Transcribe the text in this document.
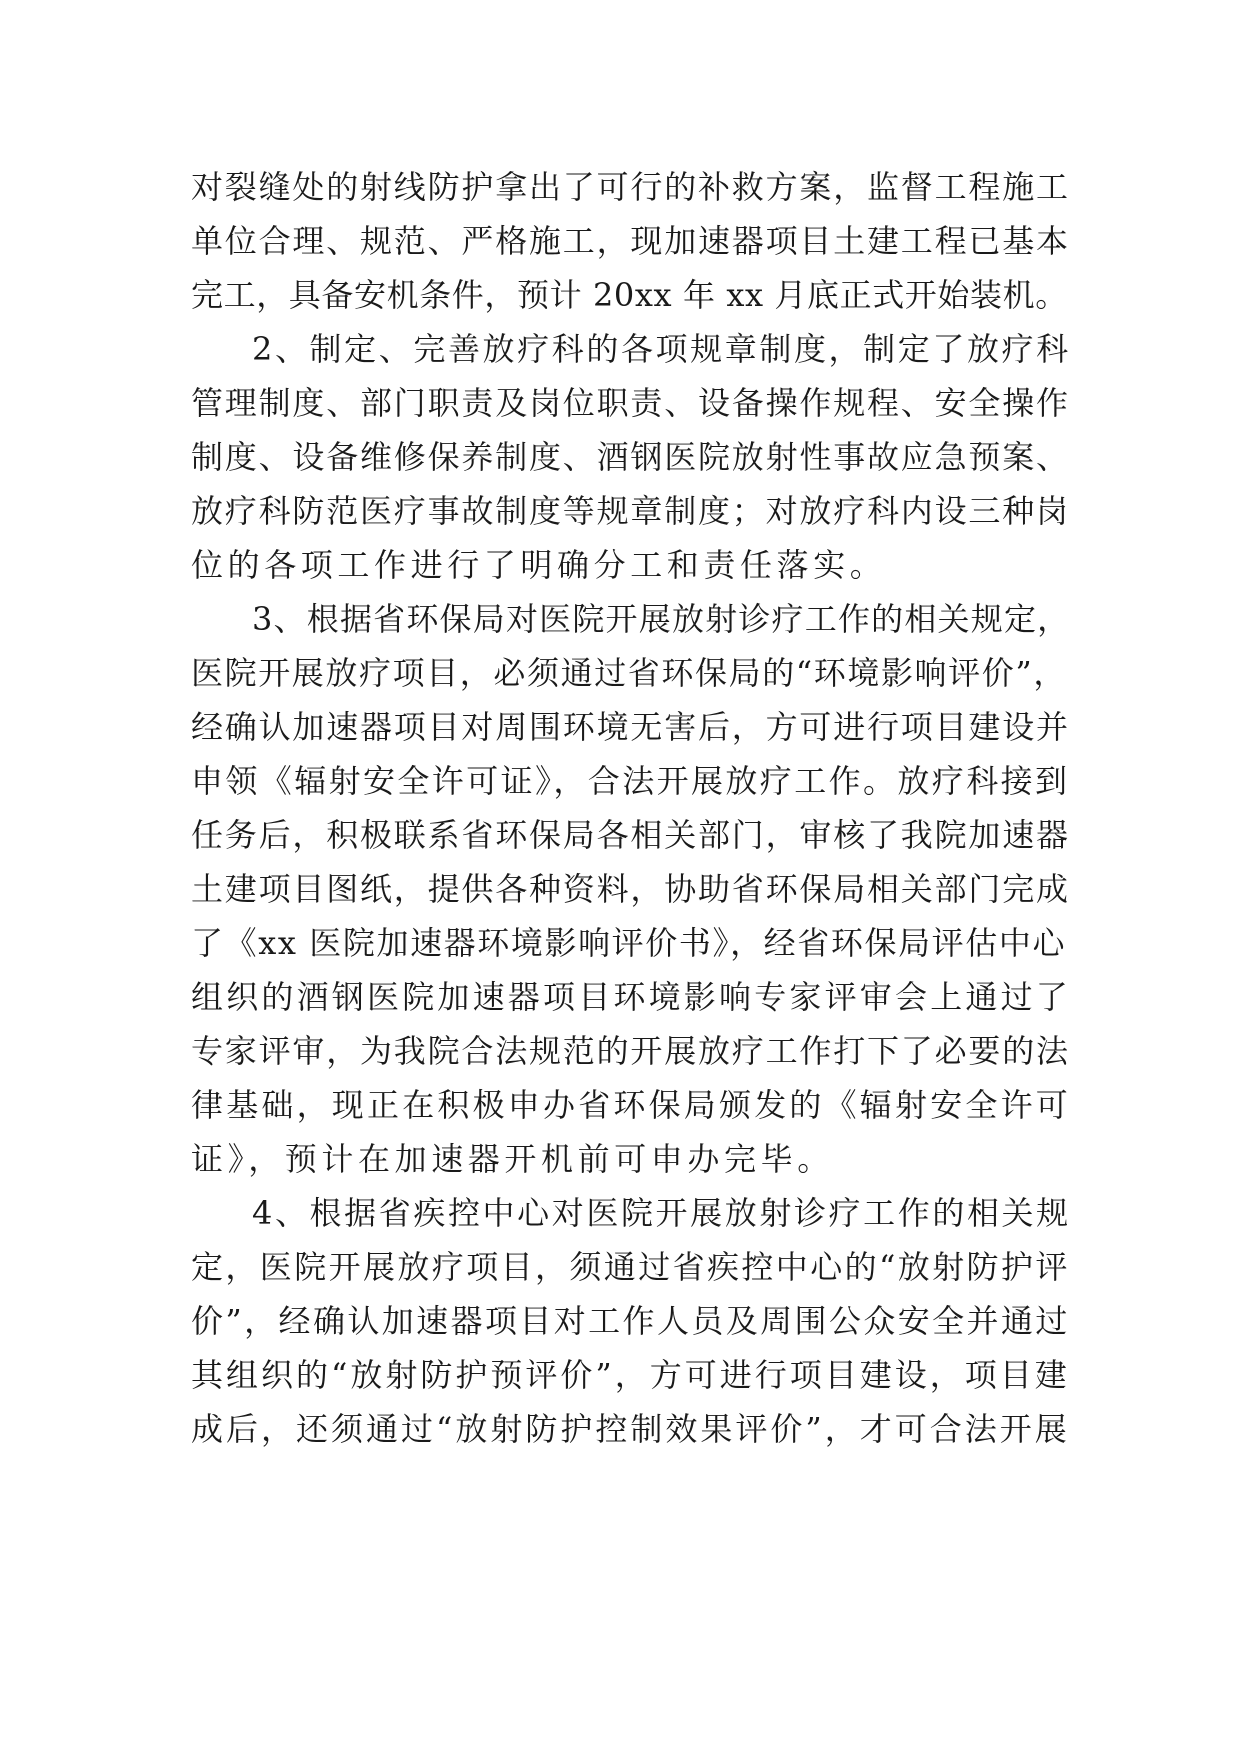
对裂缝处的射线防护拿出了可行的补救方案，监督工程施工
单位合理、规范、严格施工，现加速器项目土建工程已基本
完工，具备安机条件，预计 20xx 年 xx 月底正式开始装机。
2、制定、完善放疗科的各项规章制度，制定了放疗科
管理制度、部门职责及岗位职责、设备操作规程、安全操作
制度、设备维修保养制度、酒钢医院放射性事故应急预案、
放疗科防范医疗事故制度等规章制度；对放疗科内设三种岗
位的各项工作进行了明确分工和责任落实。
3、根据省环保局对医院开展放射诊疗工作的相关规定，
医院开展放疗项目，必须通过省环保局的“环境影响评价”，
经确认加速器项目对周围环境无害后，方可进行项目建设并
申领《辐射安全许可证》，合法开展放疗工作。放疗科接到
任务后，积极联系省环保局各相关部门，审核了我院加速器
土建项目图纸，提供各种资料，协助省环保局相关部门完成
了《xx 医院加速器环境影响评价书》，经省环保局评估中心
组织的酒钢医院加速器项目环境影响专家评审会上通过了
专家评审，为我院合法规范的开展放疗工作打下了必要的法
律基础，现正在积极申办省环保局颁发的《辐射安全许可
证》，预计在加速器开机前可申办完毕。
4、根据省疾控中心对医院开展放射诊疗工作的相关规
定，医院开展放疗项目，须通过省疾控中心的“放射防护评
价”，经确认加速器项目对工作人员及周围公众安全并通过
其组织的“放射防护预评价”，方可进行项目建设，项目建
成后，还须通过“放射防护控制效果评价”，才可合法开展
